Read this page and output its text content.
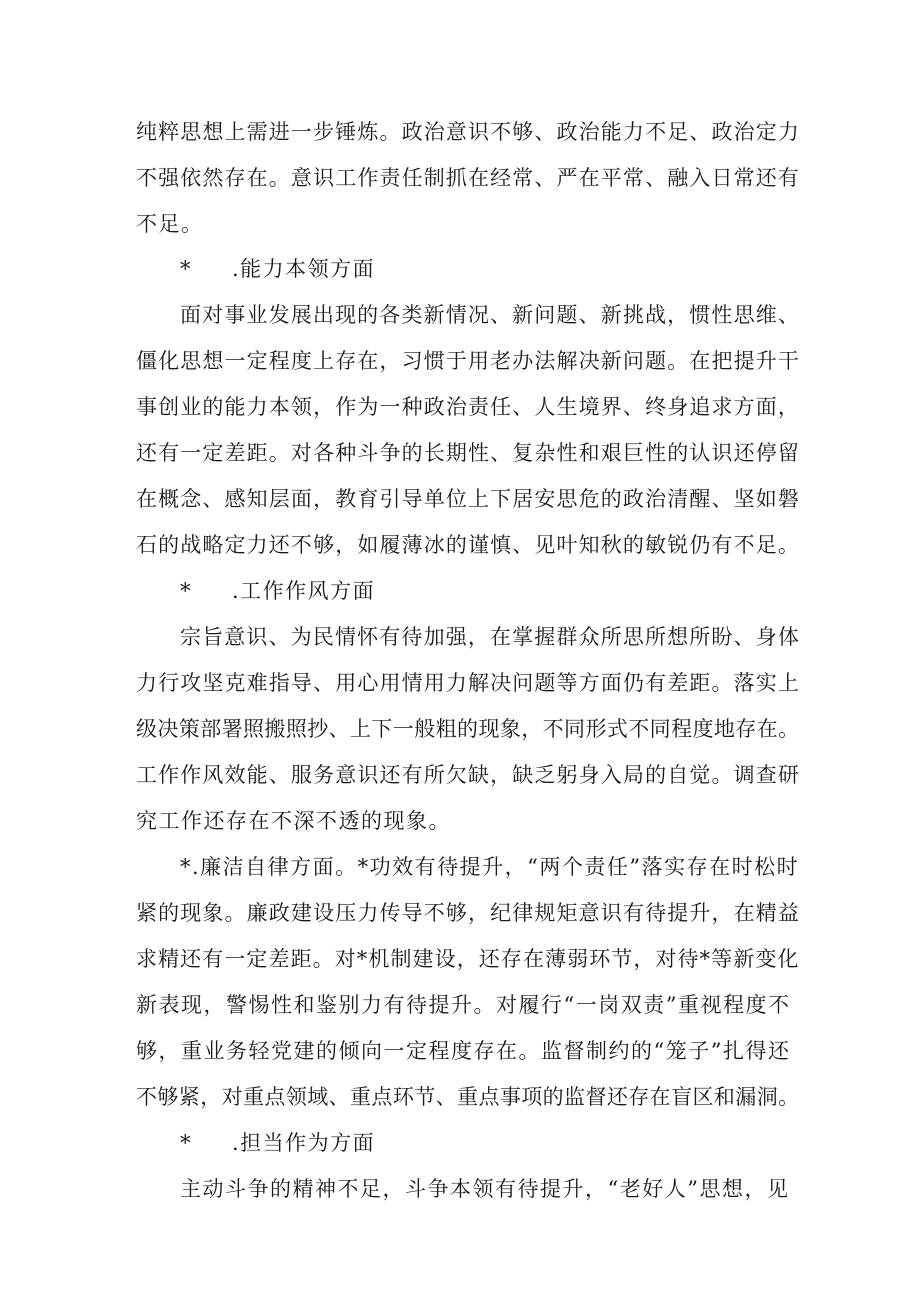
纯粹思想上需进一步锤炼。政治意识不够、政治能力不足、政治定力
不强依然存在。意识工作责任制抓在经常、严在平常、融入日常还有
不足。
* .能力本领方面
面对事业发展出现的各类新情况、新问题、新挑战，惯性思维、
僵化思想一定程度上存在，习惯于用老办法解决新问题。在把提升干
事创业的能力本领，作为一种政治责任、人生境界、终身追求方面，
还有一定差距。对各种斗争的长期性、复杂性和艰巨性的认识还停留
在概念、感知层面，教育引导单位上下居安思危的政治清醒、坚如磐
石的战略定力还不够，如履薄冰的谨慎、见叶知秋的敏锐仍有不足。
* .工作作风方面
宗旨意识、为民情怀有待加强，在掌握群众所思所想所盼、身体
力行攻坚克难指导、用心用情用力解决问题等方面仍有差距。落实上
级决策部署照搬照抄、上下一般粗的现象，不同形式不同程度地存在。
工作作风效能、服务意识还有所欠缺，缺乏躬身入局的自觉。调查研
究工作还存在不深不透的现象。
*.廉洁自律方面。*功效有待提升，“两个责任”落实存在时松时
紧的现象。廉政建设压力传导不够，纪律规矩意识有待提升，在精益
求精还有一定差距。对*机制建设，还存在薄弱环节，对待*等新变化
新表现，警惕性和鉴别力有待提升。对履行“一岗双责”重视程度不
够，重业务轻党建的倾向一定程度存在。监督制约的“笼子”扎得还
不够紧，对重点领域、重点环节、重点事项的监督还存在盲区和漏洞。
* .担当作为方面
主动斗争的精神不足，斗争本领有待提升，“老好人”思想，见
